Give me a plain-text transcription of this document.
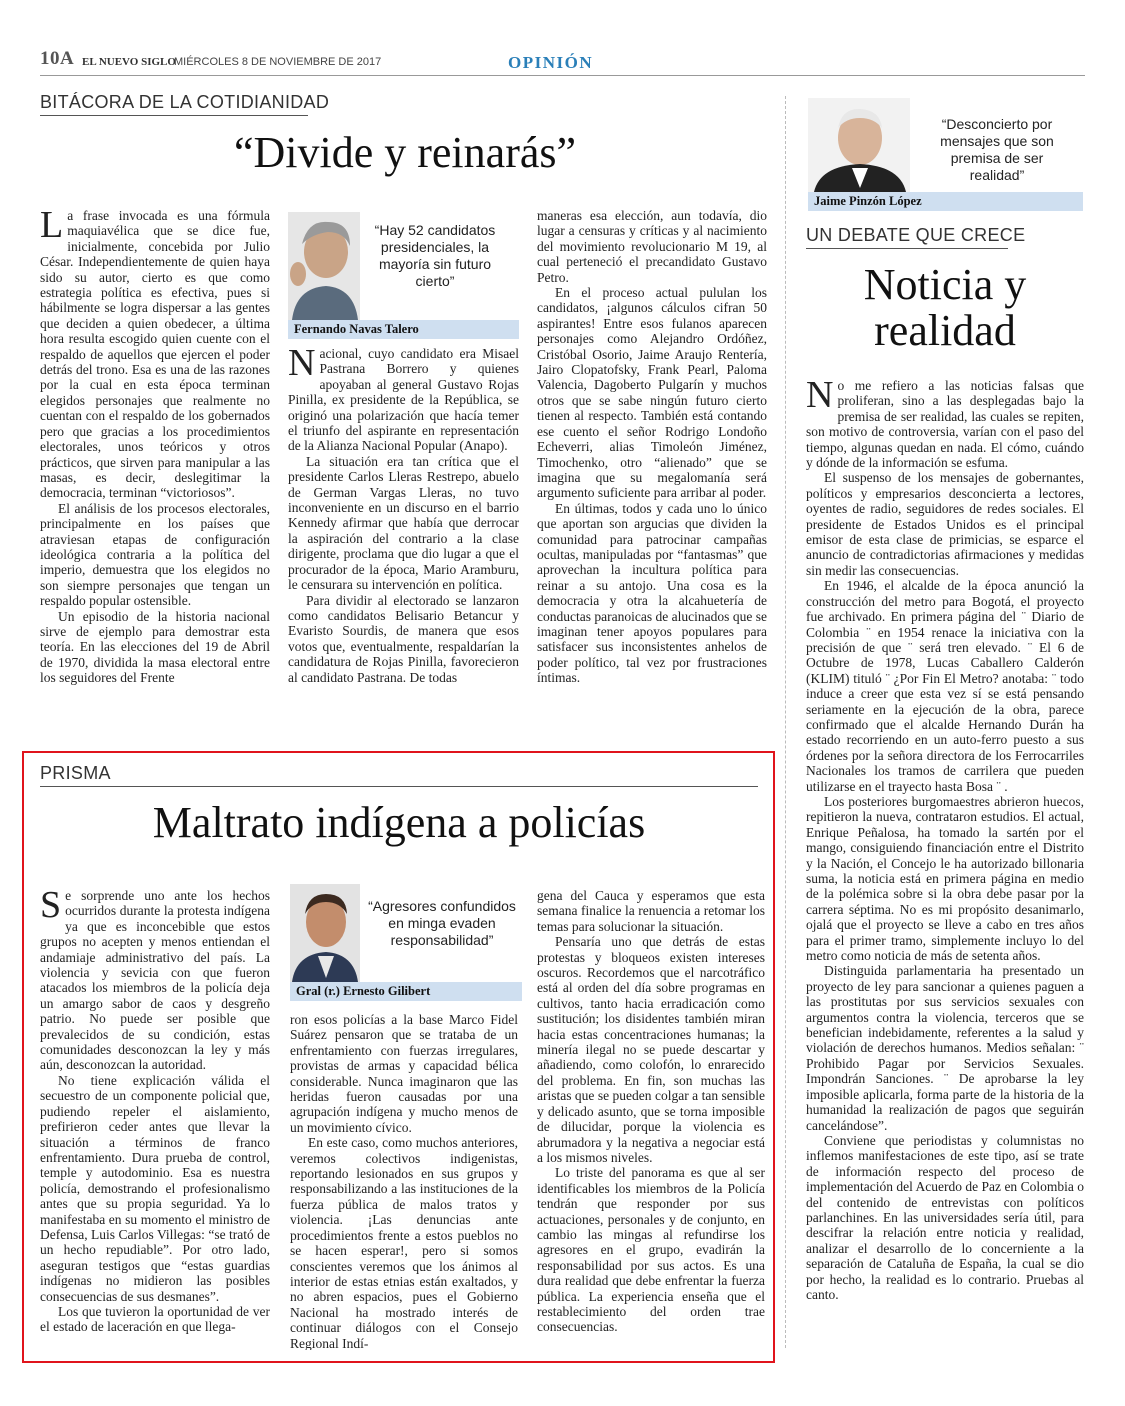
10A EL NUEVO SIGLO
MIÉRCOLES 8 DE NOVIEMBRE DE 2017	OPINIÓN
BITÁCORA DE LA COTIDIANIDAD
“Divide y reinarás”

La frase invocada es una fórmula maquiavélica que se dice fue, inicialmente, concebida por Julio César. Independientemente de quien haya sido su autor, cierto es que como estrategia política es efectiva, pues si hábilmente se logra dispersar a las gentes que deciden a quien obedecer, a última hora resulta escogido quien cuente con el respaldo de aquellos que ejercen el poder detrás del trono. Esa es una de las razones por la cual en esta época terminan elegidos personajes que realmente no cuentan con el respaldo de los gobernados pero que gracias a los procedimientos electorales, unos teóricos y otros prácticos, que sirven para manipular a las masas, es decir, deslegitimar la democracia, terminan “victoriosos”.

El análisis de los procesos electorales, principalmente en los países que atraviesan etapas de configuración ideológica contraria a la política del imperio, demuestra que los elegidos no son siempre personajes que tengan un respaldo popular ostensible.

Un episodio de la historia nacional sirve de ejemplo para demostrar esta teoría. En las elecciones del 19 de Abril de 1970, dividida la masa electoral entre los seguidores del Frente

“Hay 52 candidatos presidenciales, la mayoría sin futuro cierto”
Fernando Navas Talero

Nacional, cuyo candidato era Misael Pastrana Borrero y quienes apoyaban al general Gustavo Rojas Pinilla, ex presidente de la República, se originó una polarización que hacía temer el triunfo del aspirante en representación de la Alianza Nacional Popular (Anapo).

La situación era tan crítica que el presidente Carlos Lleras Restrepo, abuelo de German Vargas Lleras, no tuvo inconveniente en un discurso en el barrio Kennedy afirmar que había que derrocar la aspiración del contrario a la clase dirigente, proclama que dio lugar a que el procurador de la época, Mario Aramburu, le censurara su intervención en política.

Para dividir al electorado se lanzaron como candidatos Belisario Betancur y Evaristo Sourdis, de manera que esos votos que, eventualmente, respaldarían la candidatura de Rojas Pinilla, favorecieron al candidato Pastrana. De todas

maneras esa elección, aun todavía, dio lugar a censuras y críticas y al nacimiento del movimiento revolucionario M 19, al cual perteneció el precandidato Gustavo Petro.

En el proceso actual pululan los candidatos, ¡algunos cálculos cifran 50 aspirantes! Entre esos fulanos aparecen personajes como Alejandro Ordóñez, Cristóbal Osorio, Jaime Araujo Rentería, Jairo Clopatofsky, Frank Pearl, Paloma Valencia, Dagoberto Pulgarín y muchos otros que se sabe ningún futuro cierto tienen al respecto. También está contando ese cuento el señor Rodrigo Londoño Echeverri, alias Timoleón Jiménez, Timochenko, otro “alienado” que se imagina que su megalomanía será argumento suficiente para arribar al poder.

En últimas, todos y cada uno lo único que aportan son argucias que dividen la comunidad para patrocinar campañas ocultas, manipuladas por “fantasmas” que aprovechan la incultura política para reinar a su antojo. Una cosa es la democracia y otra la alcahuetería de conductas paranoicas de alucinados que se imaginan tener apoyos populares para satisfacer sus inconsistentes anhelos de poder político, tal vez por frustraciones íntimas.

“Desconcierto por mensajes que son premisa de ser realidad”
Jaime Pinzón López
UN DEBATE QUE CRECE
Noticia y
realidad

No me refiero a las noticias falsas que proliferan, sino a las desplegadas bajo la premisa de ser realidad, las cuales se repiten, son motivo de controversia, varían con el paso del tiempo, algunas quedan en nada. El cómo, cuándo y dónde de la información se esfuma.

El suspenso de los mensajes de gobernantes, políticos y empresarios desconcierta a lectores, oyentes de radio, seguidores de redes sociales. El presidente de Estados Unidos es el principal emisor de esta clase de primicias, se esparce el anuncio de contradictorias afirmaciones y medidas sin medir las consecuencias.

En 1946, el alcalde de la época anunció la construcción del metro para Bogotá, el proyecto fue archivado. En primera página del ¨ Diario de Colombia ¨ en 1954 renace la iniciativa con la precisión de que ¨ será tren elevado. ¨ El 6 de Octubre de 1978, Lucas Caballero Calderón (KLIM) tituló ¨ ¿Por Fin El Metro? anotaba: ¨ todo induce a creer que esta vez sí se está pensando seriamente en la ejecución de la obra, parece confirmado que el alcalde Hernando Durán ha estado recorriendo en un auto-ferro puesto a sus órdenes por la señora directora de los Ferrocarriles Nacionales los tramos de carrilera que pueden utilizarse en el trayecto hasta Bosa ¨ .

Los posteriores burgomaestres abrieron huecos, repitieron la nueva, contrataron estudios. El actual, Enrique Peñalosa, ha tomado la sartén por el mango, consiguiendo financiación entre el Distrito y la Nación, el Concejo le ha autorizado billonaria suma, la noticia está en primera página en medio de la polémica sobre si la obra debe pasar por la carrera séptima. No es mi propósito desanimarlo, ojalá que el proyecto se lleve a cabo en tres años para el primer tramo, simplemente incluyo lo del metro como noticia de más de setenta años.

Distinguida parlamentaria ha presentado un proyecto de ley para sancionar a quienes paguen a las prostitutas por sus servicios sexuales con argumentos contra la violencia, terceros que se benefician indebidamente, referentes a la salud y violación de derechos humanos. Medios señalan: ¨ Prohibido Pagar por Servicios Sexuales. Impondrán Sanciones. ¨ De aprobarse la ley imposible aplicarla, forma parte de la historia de la humanidad la realización de pagos que seguirán cancelándose”.

Conviene que periodistas y columnistas no inflemos manifestaciones de este tipo, así se trate de información respecto del proceso de implementación del Acuerdo de Paz en Colombia o del contenido de entrevistas con políticos parlanchines. En las universidades sería útil, para descifrar la relación entre noticia y realidad, analizar el desarrollo de lo concerniente a la separación de Cataluña de España, la cual se dio por hecho, la realidad es lo contrario. Pruebas al canto.

PRISMA
Maltrato indígena a policías

Se sorprende uno ante los hechos ocurridos durante la protesta indígena ya que es inconcebible que estos grupos no acepten y menos entiendan el andamiaje administrativo del país. La violencia y sevicia con que fueron atacados los miembros de la policía deja un amargo sabor de caos y desgreño patrio. No puede ser posible que prevalecidos de su condición, estas comunidades desconozcan la ley y más aún, desconozcan la autoridad.

No tiene explicación válida el secuestro de un componente policial que, pudiendo repeler el aislamiento, prefirieron ceder antes que llevar la situación a términos de franco enfrentamiento. Dura prueba de control, temple y autodominio. Esa es nuestra policía, demostrando el profesionalismo antes que su propia seguridad. Ya lo manifestaba en su momento el ministro de Defensa, Luis Carlos Villegas: “se trató de un hecho repudiable”. Por otro lado, aseguran testigos que “estas guardias indígenas no midieron las posibles consecuencias de sus desmanes”.

Los que tuvieron la oportunidad de ver el estado de laceración en que llega-

“Agresores confundidos en minga evaden responsabilidad”
Gral (r.) Ernesto Gilibert

ron esos policías a la base Marco Fidel Suárez pensaron que se trataba de un enfrentamiento con fuerzas irregulares, provistas de armas y capacidad bélica considerable. Nunca imaginaron que las heridas fueron causadas por una agrupación indígena y mucho menos de un movimiento cívico.

En este caso, como muchos anteriores, veremos colectivos indigenistas, reportando lesionados en sus grupos y responsabilizando a las instituciones de la fuerza pública de malos tratos y violencia. ¡Las denuncias ante procedimientos frente a estos pueblos no se hacen esperar!, pero si somos conscientes veremos que los ánimos al interior de estas etnias están exaltados, y no abren espacios, pues el Gobierno Nacional ha mostrado interés de continuar diálogos con el Consejo Regional Indí-

gena del Cauca y esperamos que esta semana finalice la renuencia a retomar los temas para solucionar la situación.

Pensaría uno que detrás de estas protestas y bloqueos existen intereses oscuros. Recordemos que el narcotráfico está al orden del día sobre programas en cultivos, tanto hacia erradicación como sustitución; los disidentes también miran hacia estas concentraciones humanas; la minería ilegal no se puede descartar y añadiendo, como colofón, lo enrarecido del problema. En fin, son muchas las aristas que se pueden colgar a tan sensible y delicado asunto, que se torna imposible de dilucidar, porque la violencia es abrumadora y la negativa a negociar está a los mismos niveles.

Lo triste del panorama es que al ser identificables los miembros de la Policía tendrán que responder por sus actuaciones, personales y de conjunto, en cambio las mingas al refundirse los agresores en el grupo, evadirán la responsabilidad por sus actos. Es una dura realidad que debe enfrentar la fuerza pública. La experiencia enseña que el restablecimiento del orden trae consecuencias.
